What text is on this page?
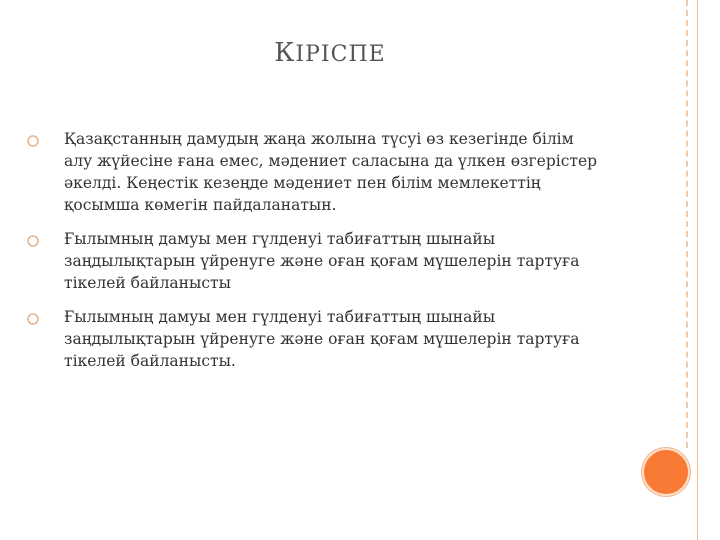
КІРІСПЕ
Қазақстанның дамудың жаңа жолына түсуі өз кезегінде білім
алу жүйесіне ғана емес, мәдениет саласына да үлкен өзгерістер
әкелді. Кеңестік кезеңде мәдениет пен білім мемлекеттің
қосымша көмегін пайдаланатын.
Ғылымның дамуы мен гүлденуі табиғаттың шынайы
заңдылықтарын үйренуге және оған қоғам мүшелерін тартуға
тікелей байланысты
Ғылымның дамуы мен гүлденуі табиғаттың шынайы
заңдылықтарын үйренуге және оған қоғам мүшелерін тартуға
тікелей байланысты.
